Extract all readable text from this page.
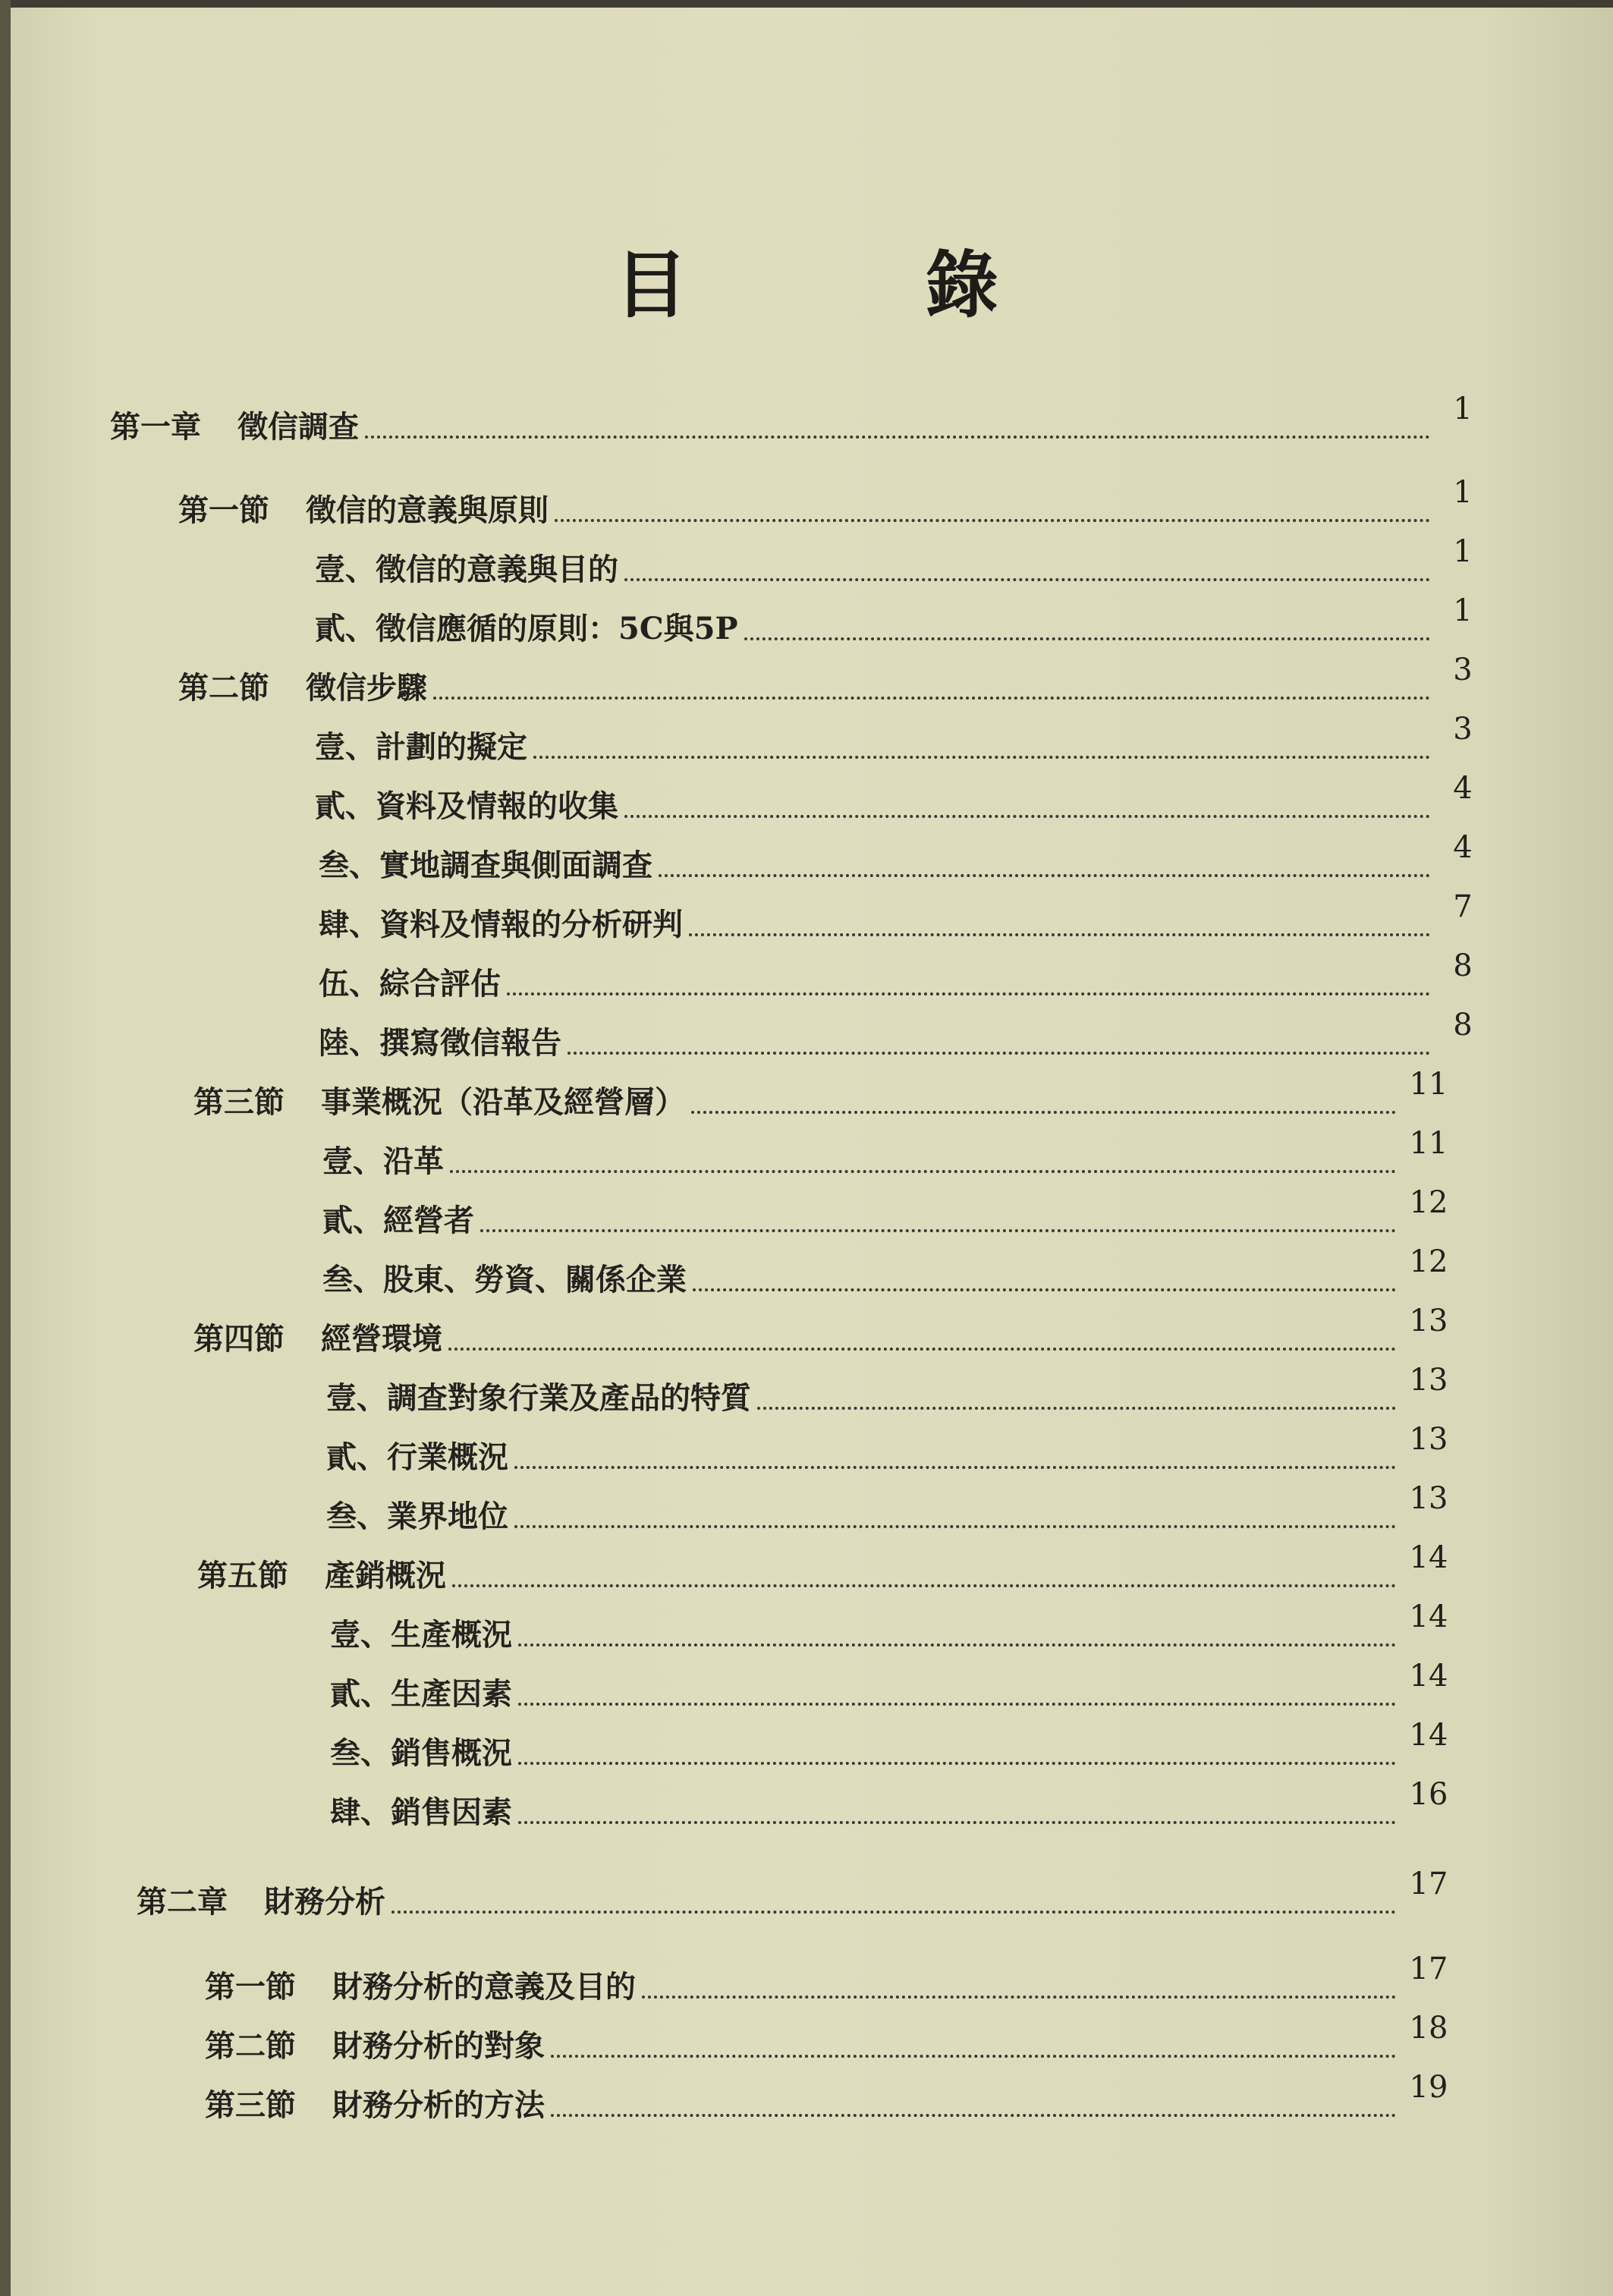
目 錄
第一章 徵信調查	1
第一節 徵信的意義與原則	1
壹、徵信的意義與目的	1
貳、徵信應循的原則：5C與5P	1
第二節 徵信步驟	3
壹、計劃的擬定	3
貳、資料及情報的收集	4
叁、實地調查與側面調查	4
肆、資料及情報的分析研判	7
伍、綜合評估	8
陸、撰寫徵信報告	8
第三節 事業概況（沿革及經營層）	11
壹、沿革	11
貳、經營者	12
叁、股東、勞資、關係企業	12
第四節 經營環境	13
壹、調查對象行業及產品的特質	13
貳、行業概況	13
叁、業界地位	13
第五節 產銷概況	14
壹、生產概況	14
貳、生產因素	14
叁、銷售概況	14
肆、銷售因素	16
第二章 財務分析	17
第一節 財務分析的意義及目的	17
第二節 財務分析的對象	18
第三節 財務分析的方法	19
